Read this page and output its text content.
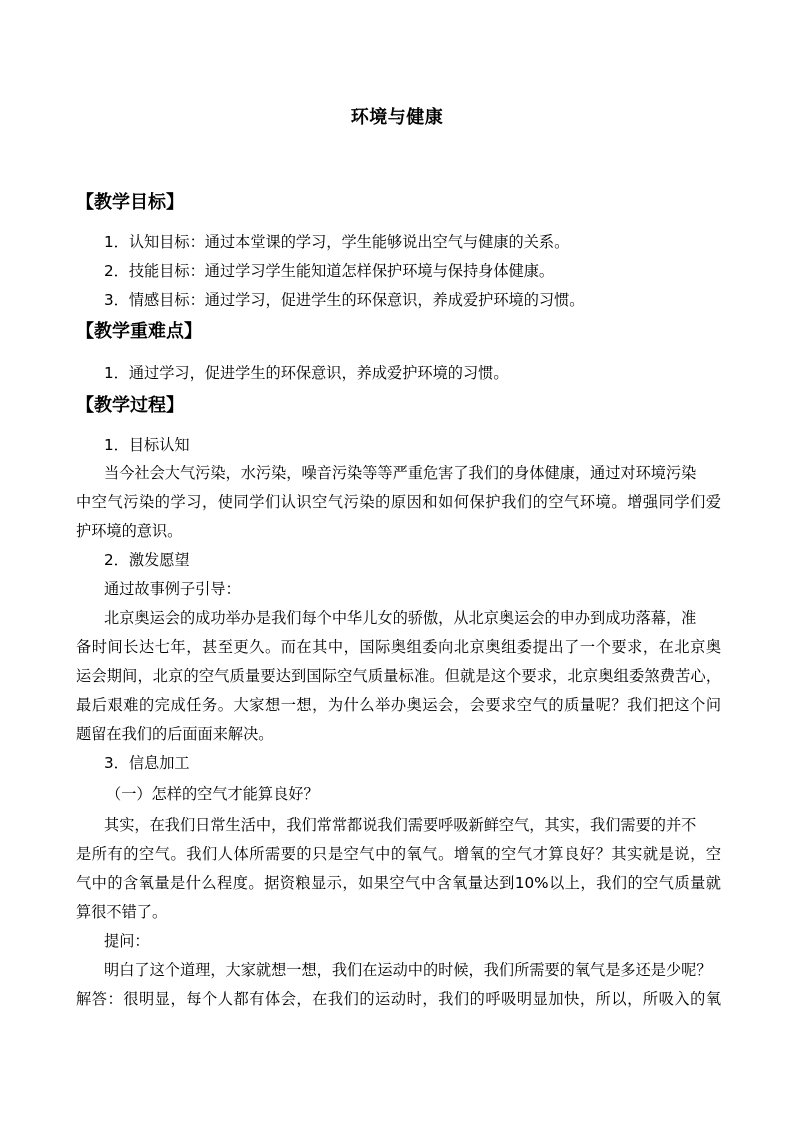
环境与健康
【教学目标】
1．认知目标：通过本堂课的学习，学生能够说出空气与健康的关系。
2．技能目标：通过学习学生能知道怎样保护环境与保持身体健康。
3．情感目标：通过学习，促进学生的环保意识，养成爱护环境的习惯。
【教学重难点】
1．通过学习，促进学生的环保意识，养成爱护环境的习惯。
【教学过程】
1．目标认知
当今社会大气污染，水污染，噪音污染等等严重危害了我们的身体健康，通过对环境污染
中空气污染的学习，使同学们认识空气污染的原因和如何保护我们的空气环境。增强同学们爱
护环境的意识。
2．激发愿望
通过故事例子引导：
北京奥运会的成功举办是我们每个中华儿女的骄傲，从北京奥运会的申办到成功落幕，准
备时间长达七年，甚至更久。而在其中，国际奥组委向北京奥组委提出了一个要求，在北京奥
运会期间，北京的空气质量要达到国际空气质量标准。但就是这个要求，北京奥组委煞费苦心，
最后艰难的完成任务。大家想一想，为什么举办奥运会，会要求空气的质量呢？我们把这个问
题留在我们的后面面来解决。
3．信息加工
（一）怎样的空气才能算良好？
其实，在我们日常生活中，我们常常都说我们需要呼吸新鲜空气，其实，我们需要的并不
是所有的空气。我们人体所需要的只是空气中的氧气。增氧的空气才算良好？其实就是说，空
气中的含氧量是什么程度。据资粮显示，如果空气中含氧量达到10%以上，我们的空气质量就
算很不错了。
提问：
明白了这个道理，大家就想一想，我们在运动中的时候，我们所需要的氧气是多还是少呢？
解答：很明显，每个人都有体会，在我们的运动时，我们的呼吸明显加快，所以，所吸入的氧
